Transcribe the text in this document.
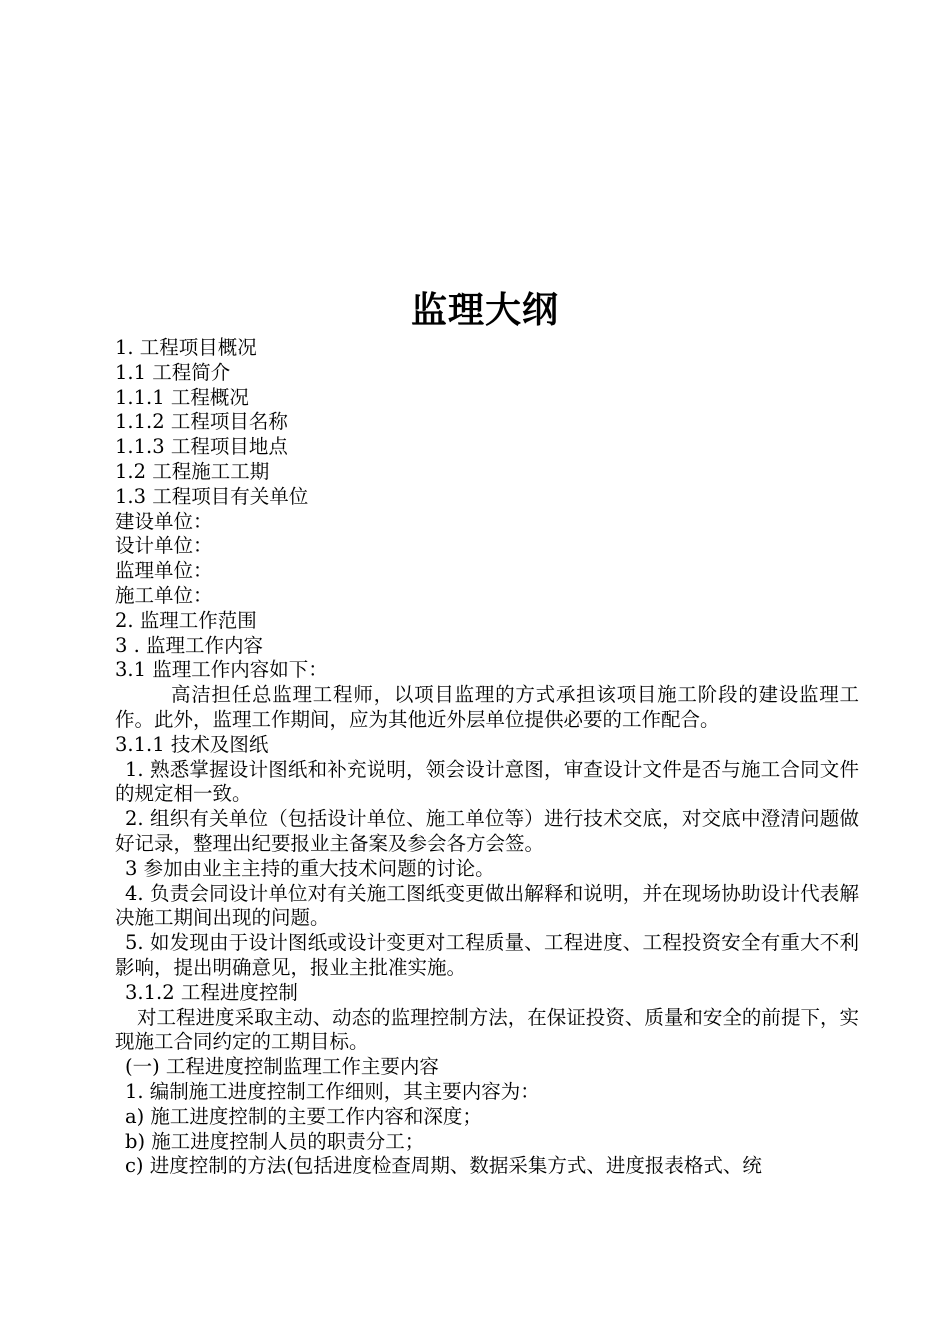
监理大纲
1. 工程项目概况
1.1 工程简介
1.1.1 工程概况
1.1.2 工程项目名称
1.1.3 工程项目地点
1.2 工程施工工期
1.3 工程项目有关单位
建设单位：
设计单位：
监理单位：
施工单位：
2. 监理工作范围
3 . 监理工作内容
3.1 监理工作内容如下：
高洁担任总监理工程师，以项目监理的方式承担该项目施工阶段的建设监理工作。此外，监理工作期间，应为其他近外层单位提供必要的工作配合。
3.1.1 技术及图纸
1. 熟悉掌握设计图纸和补充说明，领会设计意图，审查设计文件是否与施工合同文件的规定相一致。
2. 组织有关单位（包括设计单位、施工单位等）进行技术交底，对交底中澄清问题做好记录，整理出纪要报业主备案及参会各方会签。
3 参加由业主主持的重大技术问题的讨论。
4. 负责会同设计单位对有关施工图纸变更做出解释和说明，并在现场协助设计代表解决施工期间出现的问题。
5. 如发现由于设计图纸或设计变更对工程质量、工程进度、工程投资安全有重大不利影响，提出明确意见，报业主批准实施。
3.1.2 工程进度控制
对工程进度采取主动、动态的监理控制方法，在保证投资、质量和安全的前提下，实现施工合同约定的工期目标。
(一) 工程进度控制监理工作主要内容
1. 编制施工进度控制工作细则，其主要内容为：
a) 施工进度控制的主要工作内容和深度；
b) 施工进度控制人员的职责分工；
c) 进度控制的方法(包括进度检查周期、数据采集方式、进度报表格式、统
